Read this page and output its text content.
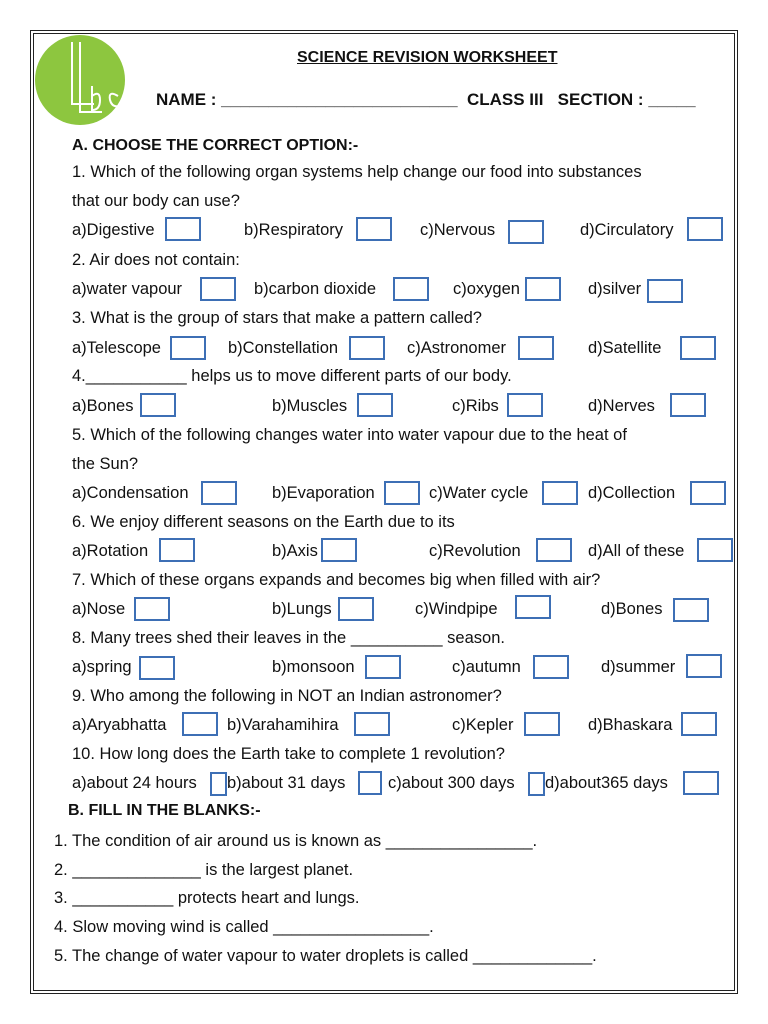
SCIENCE REVISION WORKSHEET
NAME : _________________________  CLASS III   SECTION : _____
A. CHOOSE THE CORRECT OPTION:-
1. Which of the following organ systems help change our food into substances
that our body can use?
a)Digestive	b)Respiratory	c)Nervous	d)Circulatory
2. Air does not contain:
a)water vapour	b)carbon dioxide	c)oxygen	d)silver
3. What is the group of stars that make a pattern called?
a)Telescope	b)Constellation	c)Astronomer	d)Satellite
4.___________ helps us to move different parts of our body.
a)Bones	b)Muscles	c)Ribs	d)Nerves
5. Which of the following changes water into water vapour due to the heat of
the Sun?
a)Condensation	b)Evaporation	c)Water cycle	d)Collection
6. We enjoy different seasons on the Earth due to its
a)Rotation	b)Axis	c)Revolution	d)All of these
7. Which of these organs expands and becomes big when filled with air?
a)Nose	b)Lungs	c)Windpipe	d)Bones
8. Many trees shed their leaves in the __________ season.
a)spring	b)monsoon	c)autumn	d)summer
9. Who among the following in NOT an Indian astronomer?
a)Aryabhatta	b)Varahamihira	c)Kepler	d)Bhaskara
10. How long does the Earth take to complete 1 revolution?
a)about 24 hours b)about 31 days	c)about 300 days d)about365 days
B. FILL IN THE BLANKS:-
1. The condition of air around us is known as ________________.
2. ______________ is the largest planet.
3. ___________ protects heart and lungs.
4. Slow moving wind is called _________________.
5. The change of water vapour to water droplets is called _____________.
